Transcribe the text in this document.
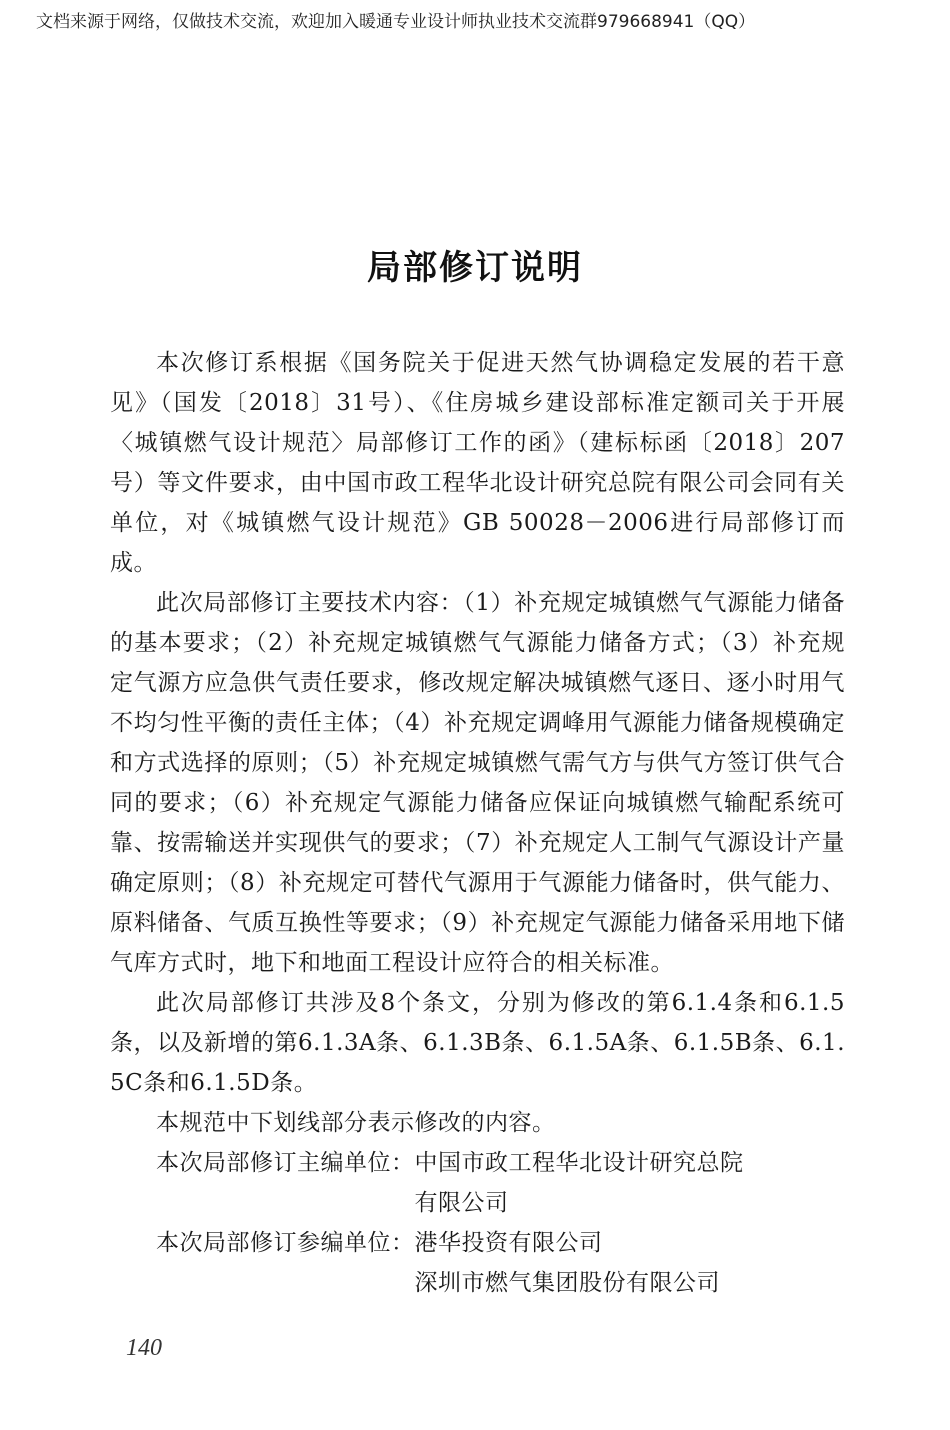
文档来源于网络，仅做技术交流，欢迎加入暖通专业设计师执业技术交流群979668941（QQ）
局部修订说明

本次修订系根据《国务院关于促进天然气协调稳定发展的若干意见》（国发〔2018〕31号）、《住房城乡建设部标准定额司关于开展〈城镇燃气设计规范〉局部修订工作的函》（建标标函〔2018〕207号）等文件要求，由中国市政工程华北设计研究总院有限公司会同有关单位，对《城镇燃气设计规范》GB 50028－2006进行局部修订而成。

此次局部修订主要技术内容：（1）补充规定城镇燃气气源能力储备的基本要求；（2）补充规定城镇燃气气源能力储备方式；（3）补充规定气源方应急供气责任要求，修改规定解决城镇燃气逐日、逐小时用气不均匀性平衡的责任主体；（4）补充规定调峰用气源能力储备规模确定和方式选择的原则；（5）补充规定城镇燃气需气方与供气方签订供气合同的要求；（6）补充规定气源能力储备应保证向城镇燃气输配系统可靠、按需输送并实现供气的要求；（7）补充规定人工制气气源设计产量确定原则；（8）补充规定可替代气源用于气源能力储备时，供气能力、原料储备、气质互换性等要求；（9）补充规定气源能力储备采用地下储气库方式时，地下和地面工程设计应符合的相关标准。

此次局部修订共涉及8个条文，分别为修改的第6.1.4条和6.1.5条，以及新增的第6.1.3A条、6.1.3B条、6.1.5A条、6.1.5B条、6.1.5C条和6.1.5D条。

本规范中下划线部分表示修改的内容。

本次局部修订主编单位： 中国市政工程华北设计研究总院
有限公司
本次局部修订参编单位： 港华投资有限公司
深圳市燃气集团股份有限公司
140
